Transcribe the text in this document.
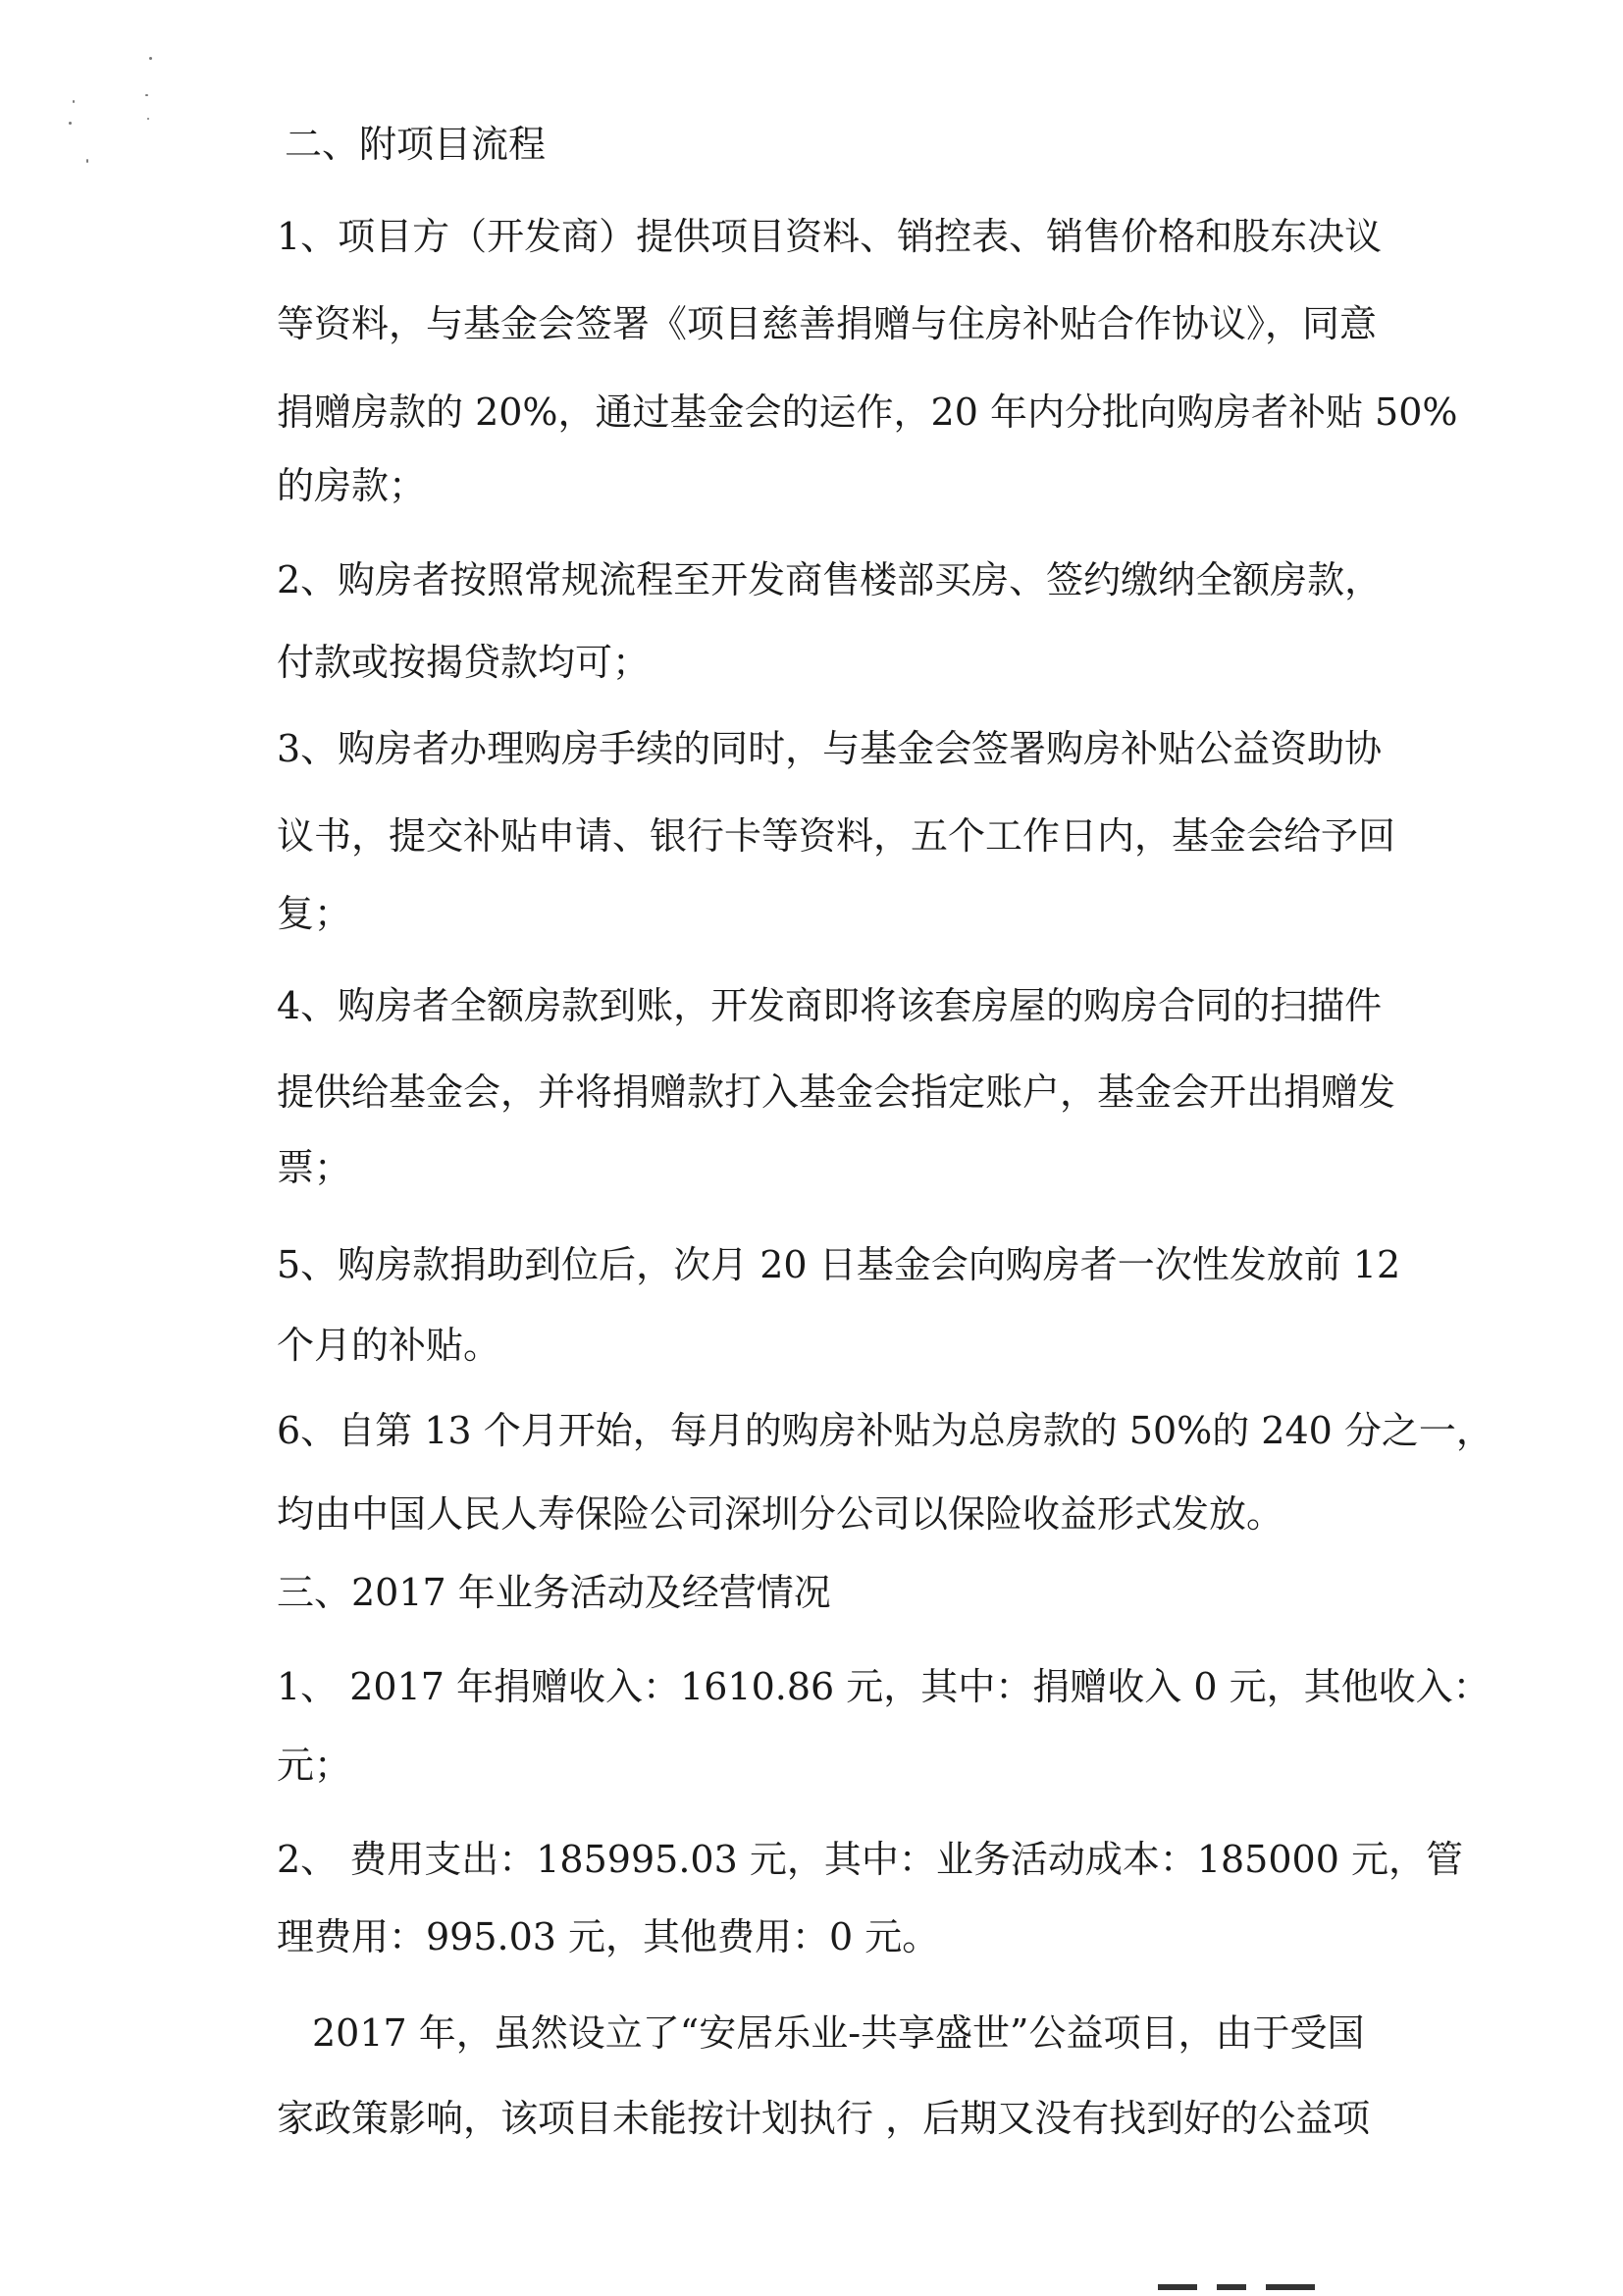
二、附项目流程
1、项目方（开发商）提供项目资料、销控表、销售价格和股东决议
等资料，与基金会签署《项目慈善捐赠与住房补贴合作协议》，同意
捐赠房款的 20%，通过基金会的运作，20 年内分批向购房者补贴 50%
的房款；
2、购房者按照常规流程至开发商售楼部买房、签约缴纳全额房款，
付款或按揭贷款均可；
3、购房者办理购房手续的同时，与基金会签署购房补贴公益资助协
议书，提交补贴申请、银行卡等资料，五个工作日内，基金会给予回
复；
4、购房者全额房款到账，开发商即将该套房屋的购房合同的扫描件
提供给基金会，并将捐赠款打入基金会指定账户，基金会开出捐赠发
票；
5、购房款捐助到位后，次月 20 日基金会向购房者一次性发放前 12
个月的补贴。
6、自第 13 个月开始，每月的购房补贴为总房款的 50%的 240 分之一，
均由中国人民人寿保险公司深圳分公司以保险收益形式发放。
三、2017 年业务活动及经营情况
1、 2017 年捐赠收入：1610.86 元，其中：捐赠收入 0 元，其他收入：
元；
2、 费用支出：185995.03 元，其中：业务活动成本：185000 元，管
理费用：995.03 元，其他费用：0 元。
2017 年，虽然设立了“安居乐业-共享盛世”公益项目，由于受国
家政策影响，该项目未能按计划执行 ，后期又没有找到好的公益项
